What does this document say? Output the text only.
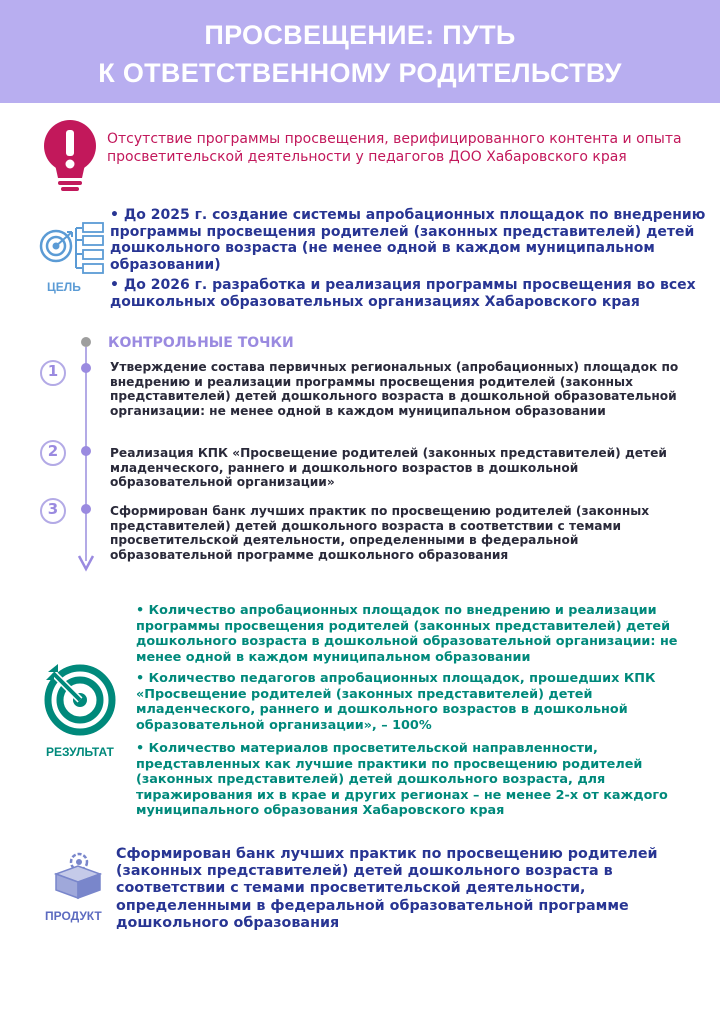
ПРОСВЕЩЕНИЕ: ПУТЬ
К ОТВЕТСТВЕННОМУ РОДИТЕЛЬСТВУ
Отсутствие программы просвещения, верифицированного контента и опыта просветительской деятельности у педагогов ДОО Хабаровского края
ЦЕЛЬ
• До 2025 г. создание системы апробационных площадок по внедрению программы просвещения родителей (законных представителей) детей дошкольного возраста (не менее одной в каждом муниципальном образовании)
• До 2026 г. разработка и реализация программы просвещения во всех дошкольных образовательных организациях Хабаровского края
КОНТРОЛЬНЫЕ ТОЧКИ
1	Утверждение состава первичных региональных (апробационных) площадок по внедрению и реализации программы просвещения родителей (законных представителей) детей дошкольного возраста в дошкольной образовательной организации: не менее одной в каждом муниципальном образовании
2	Реализация КПК «Просвещение родителей (законных представителей) детей младенческого, раннего и дошкольного возрастов в дошкольной образовательной организации»
3	Сформирован банк лучших практик по просвещению родителей (законных представителей) детей дошкольного возраста в соответствии с темами просветительской деятельности, определенными в федеральной образовательной программе дошкольного образования
РЕЗУЛЬТАТ
• Количество апробационных площадок по внедрению и реализации программы просвещения родителей (законных представителей) детей дошкольного возраста в дошкольной образовательной организации: не менее одной в каждом муниципальном образовании
• Количество педагогов апробационных площадок, прошедших КПК «Просвещение родителей (законных представителей) детей младенческого, раннего и дошкольного возрастов в дошкольной образовательной организации», – 100%
• Количество материалов просветительской направленности, представленных как лучшие практики по просвещению родителей (законных представителей) детей дошкольного возраста, для тиражирования их в крае и других регионах – не менее 2-х от каждого муниципального образования Хабаровского края
ПРОДУКТ
Сформирован банк лучших практик по просвещению родителей (законных представителей) детей дошкольного возраста в соответствии с темами просветительской деятельности, определенными в федеральной образовательной программе дошкольного образования
